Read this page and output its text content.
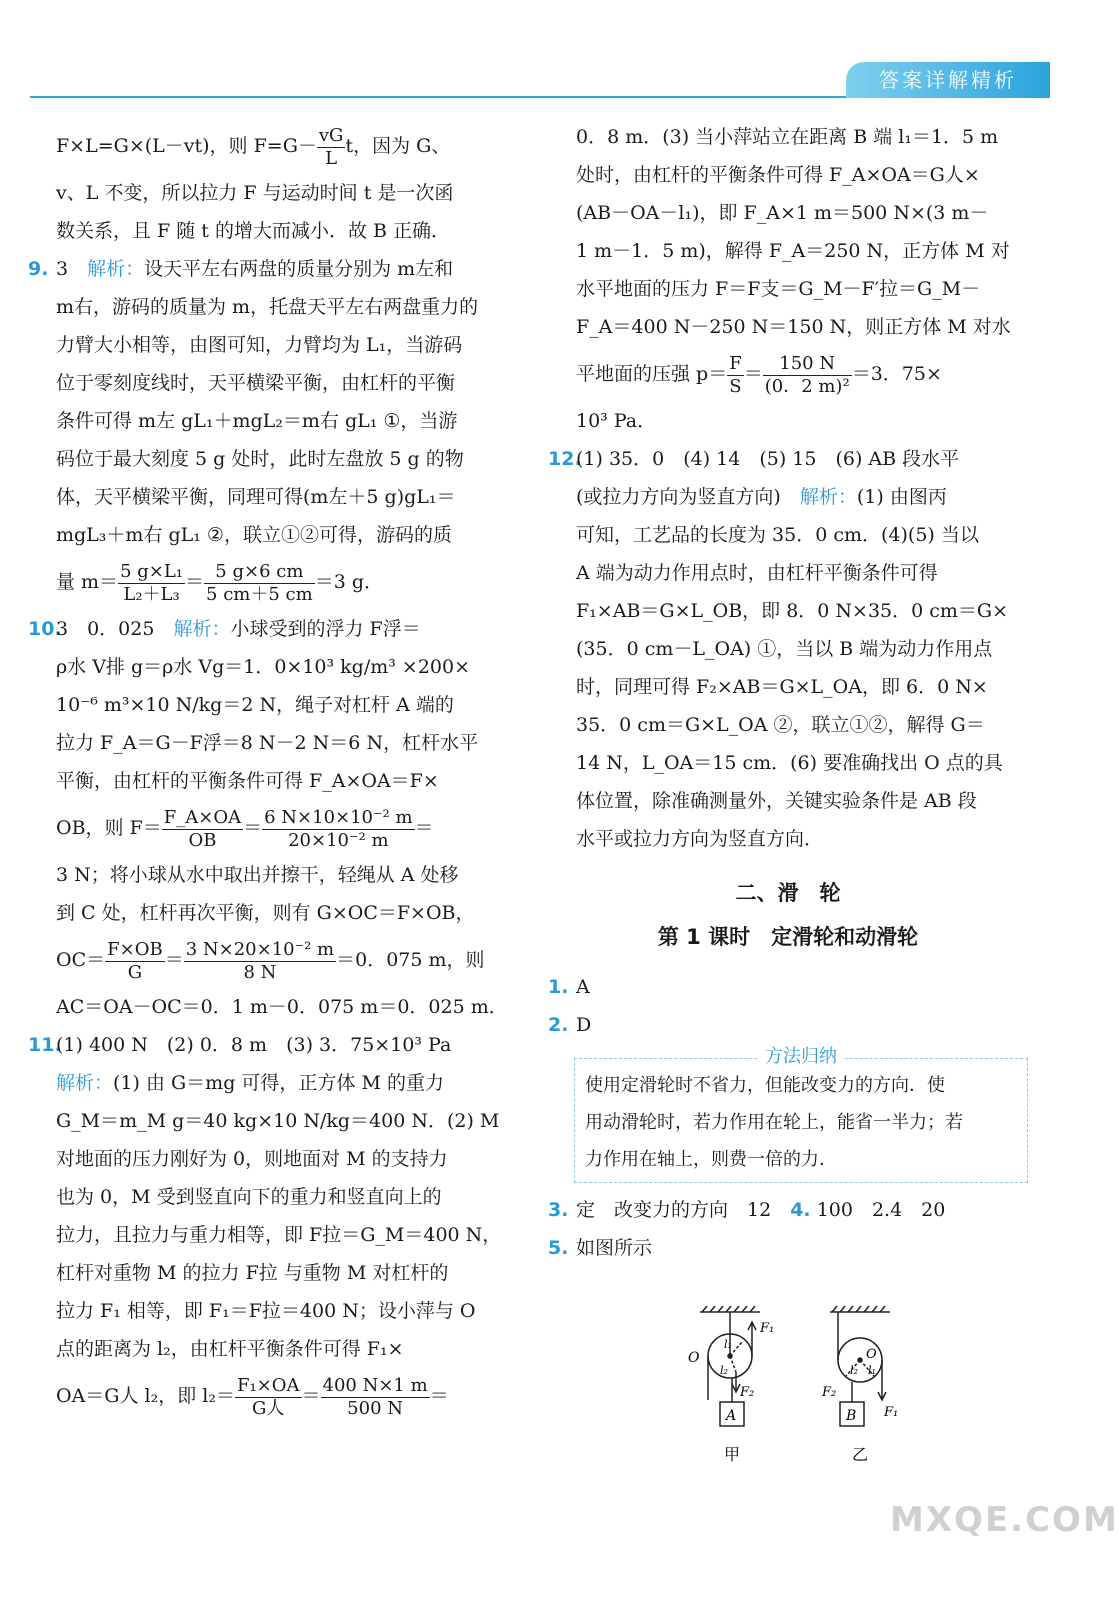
答案详解精析
F×L=G×(L－vt)，则 $F=G- \frac{vG}{L}$ t，因为 G、
v、L 不变，所以拉力 F 与运动时间 t 是一次函
数关系，且 F 随 t 的增大而减小．故 B 正确．
9. 3　 解析：设天平左右两盘的质量分别为 m左和
m右，游码的质量为 m，托盘天平左右两盘重力的
力臂大小相等，由图可知，力臂均为 L₁，当游码
位于零刻度线时，天平横梁平衡，由杠杆的平衡
条件可得 m左 gL₁＋mgL₂＝m右 gL₁ ①，当游
码位于最大刻度 5 g 处时，此时左盘放 5 g 的物
体，天平横梁平衡，同理可得(m左＋5 g)gL₁＝
mgL₃＋m右 gL₁ ②，联立①②可得，游码的质
量 $m= \frac{\text{5 g×L₁}}{\text{L₂＋L₃}} = \frac{5 g\times 6 cm}{5 cm+5 cm} =3$ g．
10.3　0．025　 解析：小球受到的浮力 F浮＝
ρ水 V排 g＝ρ水 Vg＝1．0×10³ kg/m³ ×200×
10⁻⁶ m³×10 N/kg＝2 N，绳子对杠杆 A 端的
拉力 F_A＝G－F浮＝8 N－2 N＝6 N，杠杆水平
平衡，由杠杆的平衡条件可得 F_A×OA＝F×
OB，则 $F= \frac{F\_A\times OA}{OB} = \frac{\text{6 N×10×10⁻² m}}{\text{20×10⁻² m}}$ ＝
3 N；将小球从水中取出并擦干，轻绳从 A 处移
到 C 处，杠杆再次平衡，则有 G×OC＝F×OB，
$OC= \frac{F\times OB}{G} = \frac{\text{3 N×20×10⁻² m}}{8 N} =0$．075 m，则
AC＝OA－OC＝0．1 m－0．075 m＝0．025 m．
11.(1) 400 N　(2) 0．8 m　(3) 3．75×10³ Pa
解析：(1) 由 G＝mg 可得，正方体 M 的重力
G_M＝m_M g＝40 kg×10 N/kg＝400 N．(2) M
对地面的压力刚好为 0，则地面对 M 的支持力
也为 0，M 受到竖直向下的重力和竖直向上的
拉力，且拉力与重力相等，即 F拉＝G_M＝400 N，
杠杆对重物 M 的拉力 F拉 与重物 M 对杠杆的
拉力 F₁ 相等，即 F₁＝F拉＝400 N；设小萍与 O
点的距离为 l₂，由杠杆平衡条件可得 F₁×
OA＝G人 l₂，即 $l_2= \frac{\text{F₁×OA}}{\text{G人}} = \frac{400 N\times 1 m}{500 N}$ ＝
0．8 m．(3) 当小萍站立在距离 B 端 l₁＝1．5 m
处时，由杠杆的平衡条件可得 F_A×OA＝G人×
(AB－OA－l₁)，即 F_A×1 m＝500 N×(3 m－
1 m－1．5 m)，解得 F_A＝250 N，正方体 M 对
水平地面的压力 F＝F支＝G_M－F′拉＝G_M－
F_A＝400 N－250 N＝150 N，则正方体 M 对水
平地面的压强 $p= \frac{F}{S} = \frac{150 N}{\text{(0．2 m)²}} =3$．75×
10³ Pa．
12.(1) 35．0　(4) 14　(5) 15　(6) AB 段水平
(或拉力方向为竖直方向)　 解析：(1) 由图丙
可知，工艺品的长度为 35．0 cm．(4)(5) 当以
A 端为动力作用点时，由杠杆平衡条件可得
F₁×AB＝G×L_OB，即 8．0 N×35．0 cm＝G×
(35．0 cm－L_OA) ①，当以 B 端为动力作用点
时，同理可得 F₂×AB＝G×L_OA，即 6．0 N×
35．0 cm＝G×L_OA ②，联立①②，解得 G＝
14 N，L_OA＝15 cm．(6) 要准确找出 O 点的具
体位置，除准确测量外，关键实验条件是 AB 段
水平或拉力方向为竖直方向．
二、滑　轮
第 1 课时　定滑轮和动滑轮
1. A
2. D
方法归纳
使用定滑轮时不省力，但能改变力的方向．使
用动滑轮时，若力作用在轮上，能省一半力；若
力作用在轴上，则费一倍的力．
3. 定　改变力的方向　12　 4. 100　2.4　20
5. 如图所示
A
F₁
F₂
O
l₁
l₂
甲
B
F₂
F₁
O
l₂ l₁
乙
MXQE.COM
